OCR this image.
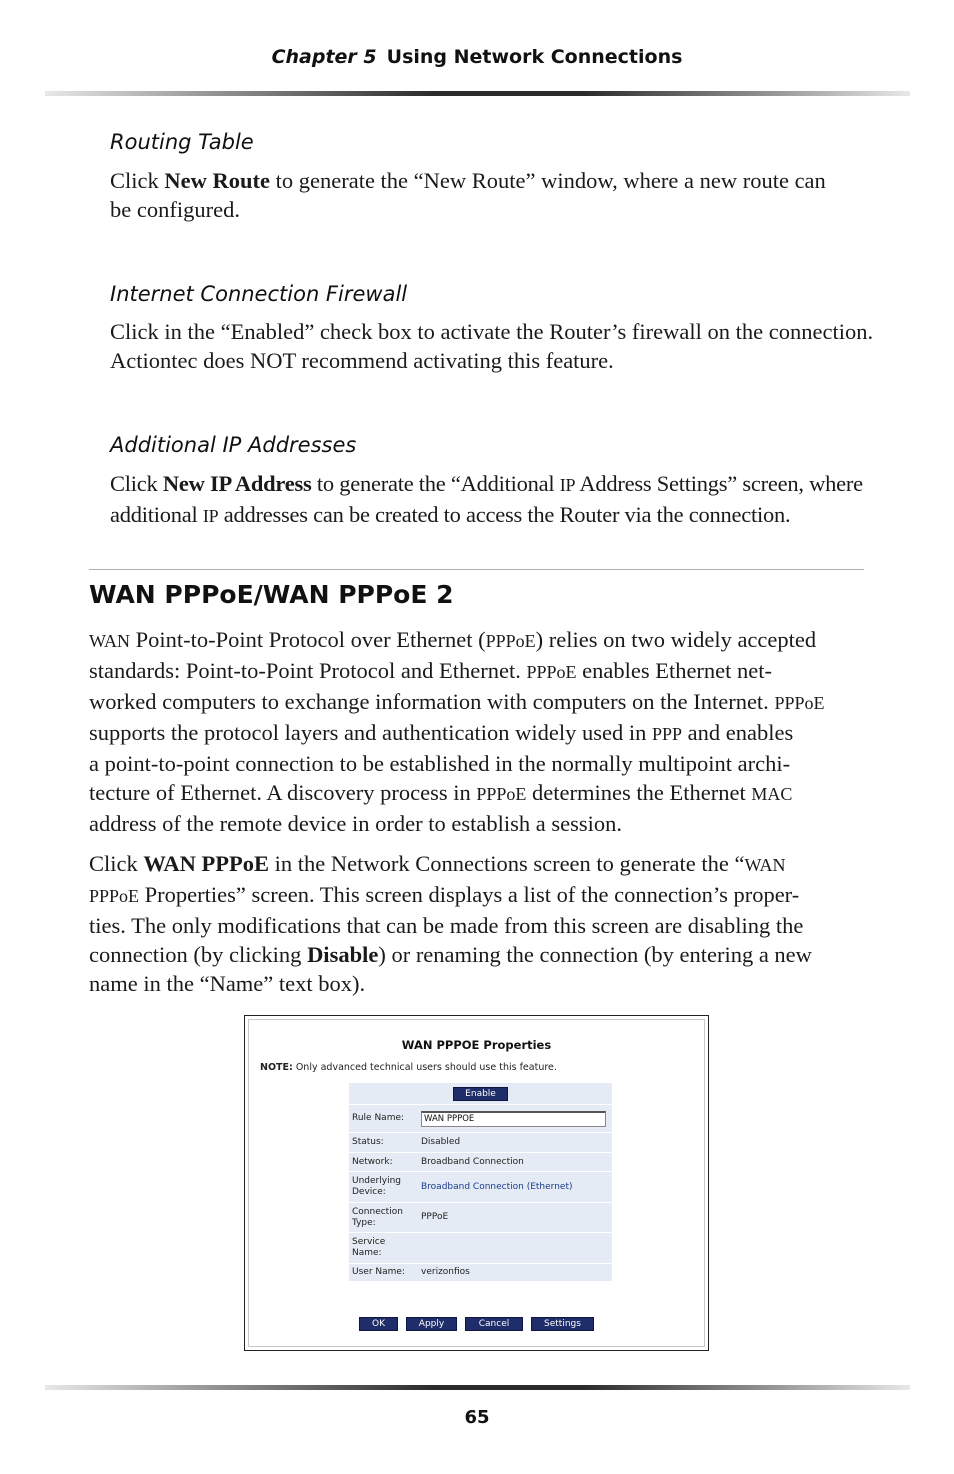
Chapter 5 Using Network Connections
Routing Table
Click New Route to generate the “New Route” window, where a new route can
be configured.
Internet Connection Firewall
Click in the “Enabled” check box to activate the Router’s firewall on the connection.
Actiontec does NOT recommend activating this feature.
Additional IP Addresses
Click New IP Address to generate the “Additional IP Address Settings” screen, where
additional IP addresses can be created to access the Router via the connection.
WAN PPPoE/WAN PPPoE 2
WAN Point-to-Point Protocol over Ethernet (PPPoE) relies on two widely accepted
standards: Point-to-Point Protocol and Ethernet. PPPoE enables Ethernet net-
worked computers to exchange information with computers on the Internet. PPPoE
supports the protocol layers and authentication widely used in PPP and enables
a point-to-point connection to be established in the normally multipoint archi-
tecture of Ethernet. A discovery process in PPPoE determines the Ethernet MAC
address of the remote device in order to establish a session.
Click WAN PPPoE in the Network Connections screen to generate the “WAN
PPPoE Properties” screen. This screen displays a list of the connection’s proper-
ties. The only modifications that can be made from this screen are disabling the
connection (by clicking Disable) or renaming the connection (by entering a new
name in the “Name” text box).
WAN PPPOE Properties
NOTE: Only advanced technical users should use this feature.
Enable
Rule Name:	WAN PPPOE
Status:	Disabled
Network:	Broadband Connection
Underlying
Device:
Broadband Connection (Ethernet)
Connection
Type:
PPPoE
Service
Name:
User Name:	verizonfios
OK	Apply	Cancel	Settings
65
